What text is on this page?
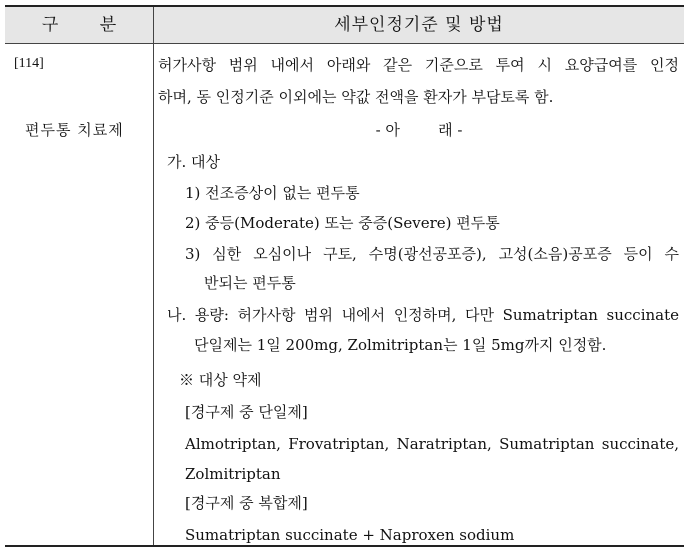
구 분	세부인정기준 및 방법
[114]
편두통 치료제
허가사항 범위 내에서 아래와 같은 기준으로 투여 시 요양급여를 인정
하며, 동 인정기준 이외에는 약값 전액을 환자가 부담토록 함.
- 아        래 -
가. 대상
1) 전조증상이 없는 편두통
2) 중등(Moderate) 또는 중증(Severe) 편두통
3) 심한 오심이나 구토, 수명(광선공포증), 고성(소음)공포증 등이 수
반되는 편두통
나. 용량: 허가사항 범위 내에서 인정하며, 다만 Sumatriptan succinate
단일제는 1일 200mg, Zolmitriptan는 1일 5mg까지 인정함.
※ 대상 약제
[경구제 중 단일제]
Almotriptan, Frovatriptan, Naratriptan, Sumatriptan succinate,
Zolmitriptan
[경구제 중 복합제]
Sumatriptan succinate + Naproxen sodium
